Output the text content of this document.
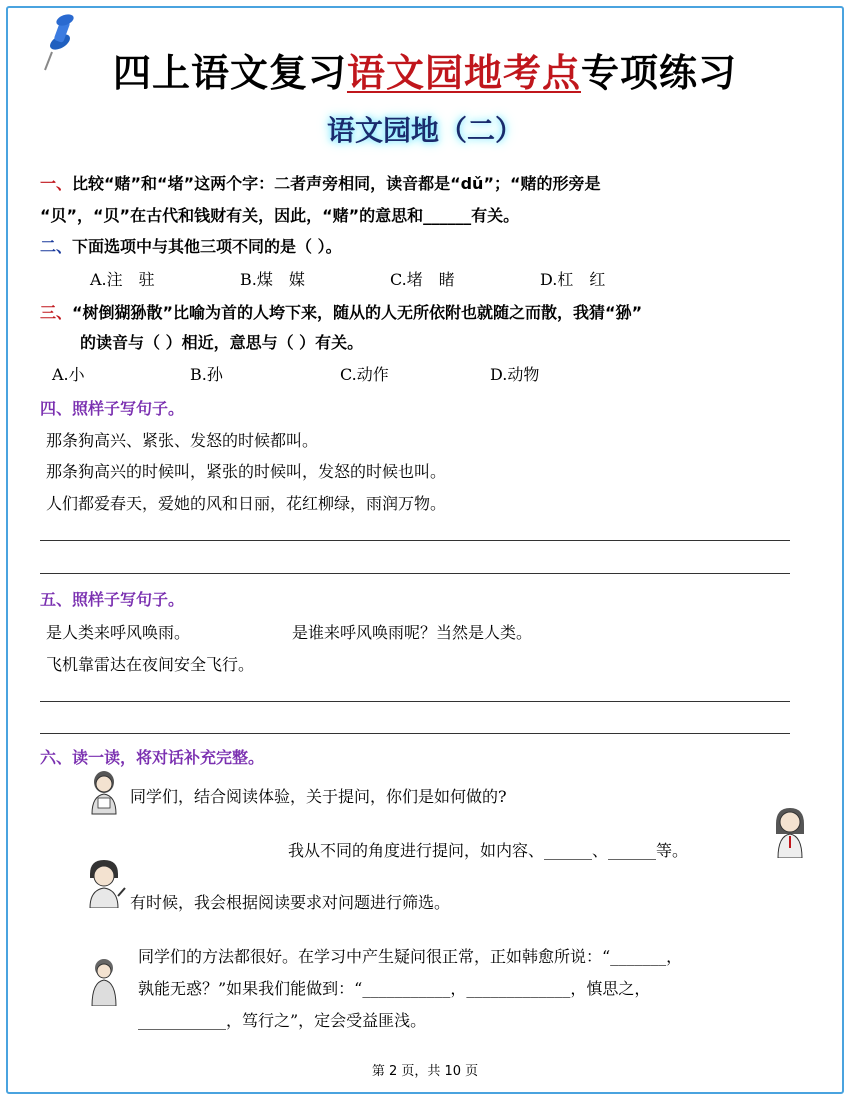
四上语文复习语文园地考点专项练习
语文园地（二）
一、比较“赌”和“堵”这两个字：二者声旁相同，读音都是“dǔ”；“赌的形旁是
“贝”，“贝”在古代和钱财有关，因此，“赌”的意思和______有关。
二、下面选项中与其他三项不同的是（ ）。
A.注　驻	B.煤　媒	C.堵　睹	D.杠　红
三、“树倒猢狲散”比喻为首的人垮下来，随从的人无所依附也就随之而散，我猜“狲”
的读音与（ ）相近，意思与（ ）有关。
A.小	B.孙	C.动作	D.动物
四、照样子写句子。
那条狗高兴、紧张、发怒的时候都叫。
那条狗高兴的时候叫，紧张的时候叫，发怒的时候也叫。
人们都爱春天，爱她的风和日丽，花红柳绿，雨润万物。
五、照样子写句子。
是人类来呼风唤雨。	是谁来呼风唤雨呢？当然是人类。
飞机靠雷达在夜间安全飞行。
六、读一读，将对话补充完整。
同学们，结合阅读体验，关于提问，你们是如何做的?
我从不同的角度进行提问，如内容、______、______等。
有时候，我会根据阅读要求对问题进行筛选。
同学们的方法都很好。在学习中产生疑问很正常，正如韩愈所说：“_______，
孰能无惑？”如果我们能做到：“___________，_____________，慎思之，
___________，笃行之”，定会受益匪浅。
第 2 页，共 10 页
